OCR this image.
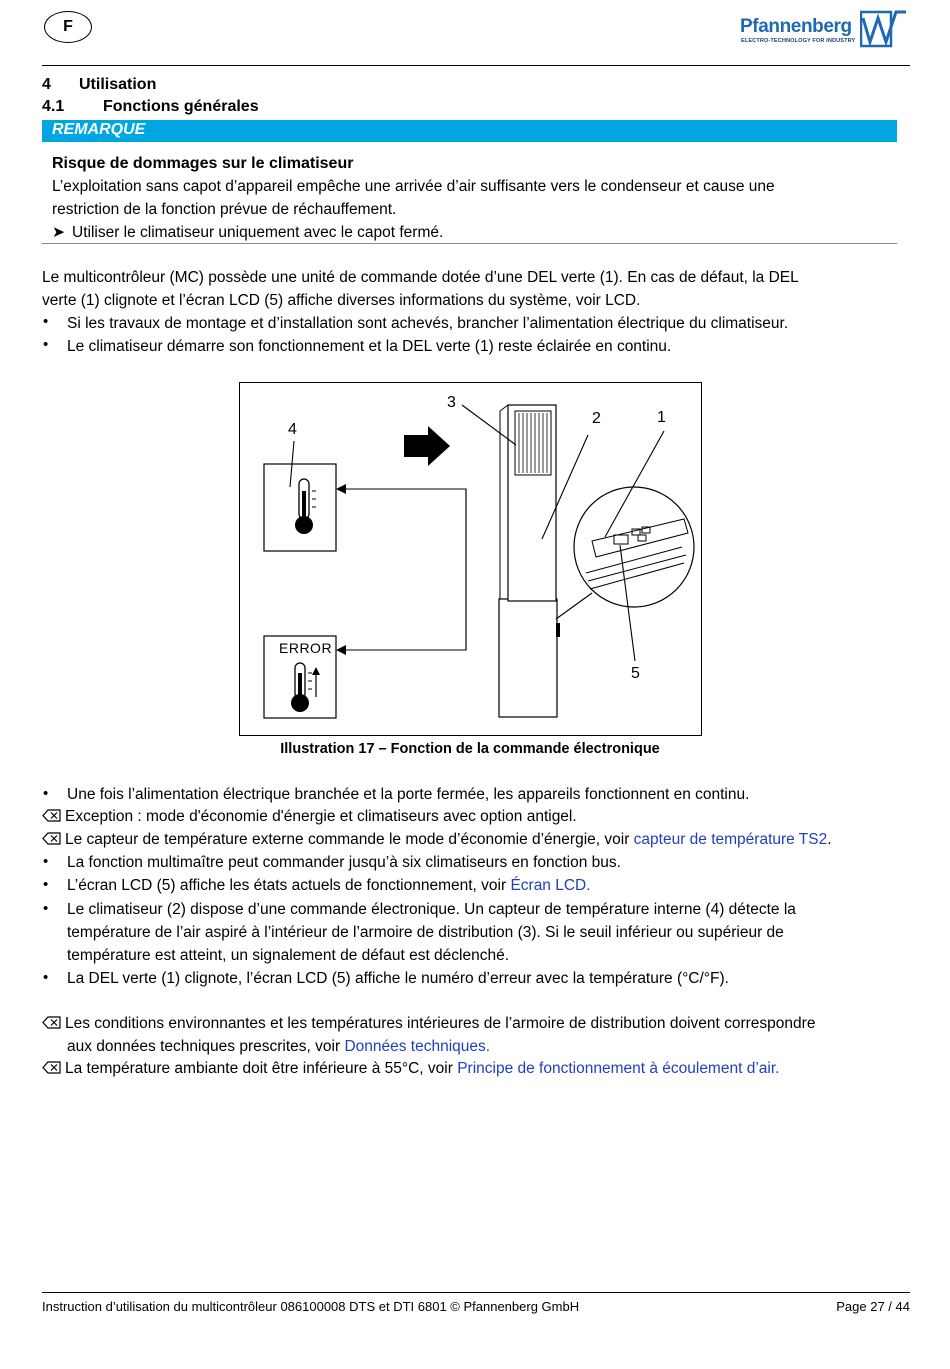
F	Pfannenberg
ELECTRO-TECHNOLOGY FOR INDUSTRY
4 Utilisation
4.1 Fonctions générales
REMARQUE
Risque de dommages sur le climatiseur
L’exploitation sans capot d’appareil empêche une arrivée d’air suffisante vers le condenseur et cause une
restriction de la fonction prévue de réchauffement.
➤ Utiliser le climatiseur uniquement avec le capot fermé.
Le multicontrôleur (MC) possède une unité de commande dotée d’une DEL verte (1). En cas de défaut, la DEL
verte (1) clignote et l’écran LCD (5) affiche diverses informations du système, voir LCD.
• Si les travaux de montage et d’installation sont achevés, brancher l’alimentation électrique du climatiseur.
• Le climatiseur démarre son fonctionnement et la DEL verte (1) reste éclairée en continu.
4
3
2	1
5
ERROR
Illustration 17 – Fonction de la commande électronique
• Une fois l’alimentation électrique branchée et la porte fermée, les appareils fonctionnent en continu.
Exception : mode d'économie d'énergie et climatiseurs avec option antigel.
Le capteur de température externe commande le mode d’économie d’énergie, voir capteur de température TS2.
• La fonction multimaître peut commander jusqu’à six climatiseurs en fonction bus.
• L’écran LCD (5) affiche les états actuels de fonctionnement, voir Écran LCD.
• Le climatiseur (2) dispose d’une commande électronique. Un capteur de température interne (4) détecte la
température de l’air aspiré à l’intérieur de l’armoire de distribution (3). Si le seuil inférieur ou supérieur de
température est atteint, un signalement de défaut est déclenché.
• La DEL verte (1) clignote, l’écran LCD (5) affiche le numéro d’erreur avec la température (°C/°F).
Les conditions environnantes et les températures intérieures de l’armoire de distribution doivent correspondre
aux données techniques prescrites, voir Données techniques.
La température ambiante doit être inférieure à 55°C, voir Principe de fonctionnement à écoulement d’air.
Instruction d’utilisation du multicontrôleur 086100008 DTS et DTI 6801 © Pfannenberg GmbH	Page 27 / 44
